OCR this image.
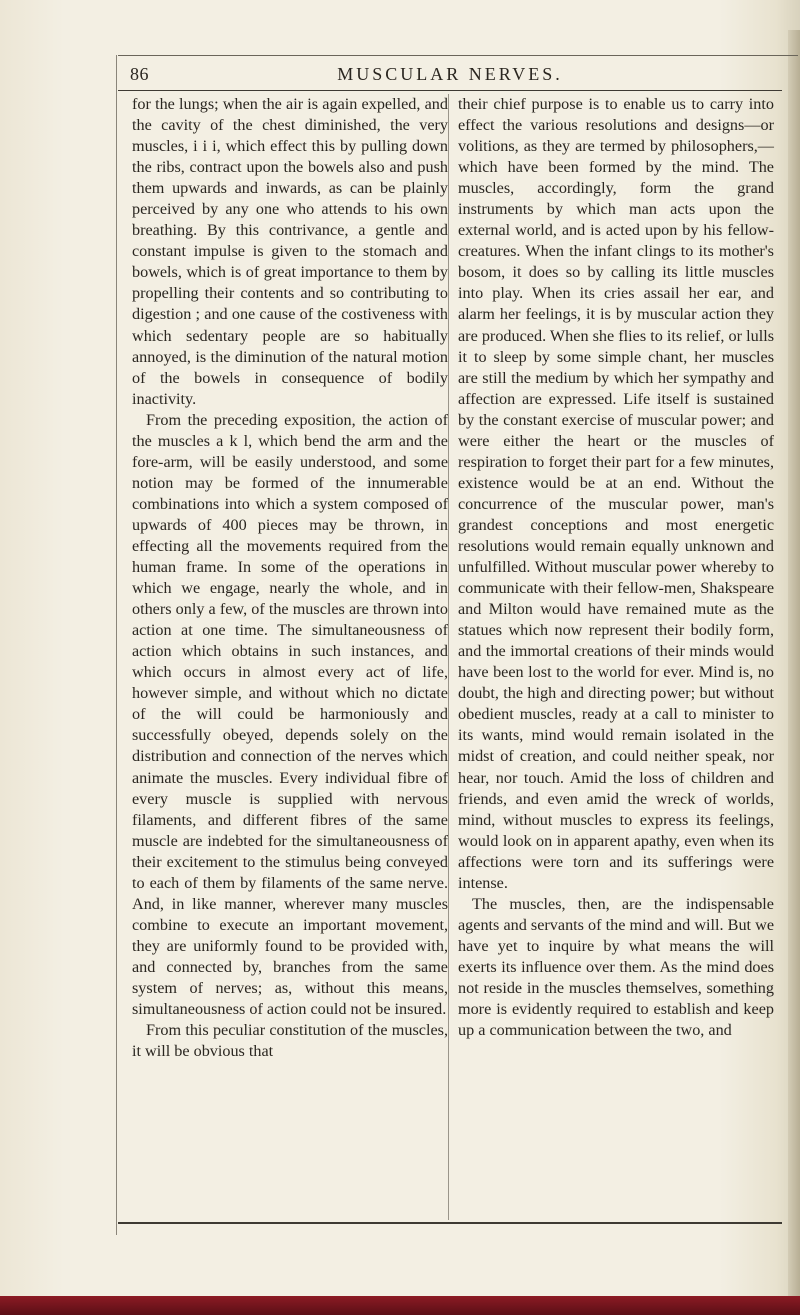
86	MUSCULAR NERVES.

for the lungs; when the air is again expelled, and the cavity of the chest diminished, the very muscles, i i i, which effect this by pulling down the ribs, contract upon the bowels also and push them upwards and inwards, as can be plainly perceived by any one who attends to his own breathing. By this contrivance, a gentle and constant impulse is given to the stomach and bowels, which is of great importance to them by propelling their contents and so contributing to digestion ; and one cause of the costiveness with which sedentary people are so habitually annoyed, is the diminution of the natural motion of the bowels in consequence of bodily inactivity.

From the preceding exposition, the action of the muscles a k l, which bend the arm and the fore-arm, will be easily understood, and some notion may be formed of the innumerable combinations into which a system composed of upwards of 400 pieces may be thrown, in effecting all the movements required from the human frame. In some of the operations in which we engage, nearly the whole, and in others only a few, of the muscles are thrown into action at one time. The simultaneousness of action which obtains in such instances, and which occurs in almost every act of life, however simple, and without which no dictate of the will could be harmoniously and successfully obeyed, depends solely on the distribution and connection of the nerves which animate the muscles. Every individual fibre of every muscle is supplied with nervous filaments, and different fibres of the same muscle are indebted for the simultaneousness of their excitement to the stimulus being conveyed to each of them by filaments of the same nerve. And, in like manner, wherever many muscles combine to execute an important movement, they are uniformly found to be provided with, and connected by, branches from the same system of nerves; as, without this means, simultaneousness of action could not be insured.

From this peculiar constitution of the muscles, it will be obvious that

their chief purpose is to enable us to carry into effect the various resolutions and designs—or volitions, as they are termed by philosophers,—which have been formed by the mind. The muscles, accordingly, form the grand instruments by which man acts upon the external world, and is acted upon by his fellow-creatures. When the infant clings to its mother's bosom, it does so by calling its little muscles into play. When its cries assail her ear, and alarm her feelings, it is by muscular action they are produced. When she flies to its relief, or lulls it to sleep by some simple chant, her muscles are still the medium by which her sympathy and affection are expressed. Life itself is sustained by the constant exercise of muscular power; and were either the heart or the muscles of respiration to forget their part for a few minutes, existence would be at an end. Without the concurrence of the muscular power, man's grandest conceptions and most energetic resolutions would remain equally unknown and unfulfilled. Without muscular power whereby to communicate with their fellow-men, Shakspeare and Milton would have remained mute as the statues which now represent their bodily form, and the immortal creations of their minds would have been lost to the world for ever. Mind is, no doubt, the high and directing power; but without obedient muscles, ready at a call to minister to its wants, mind would remain isolated in the midst of creation, and could neither speak, nor hear, nor touch. Amid the loss of children and friends, and even amid the wreck of worlds, mind, without muscles to express its feelings, would look on in apparent apathy, even when its affections were torn and its sufferings were intense.

The muscles, then, are the indispensable agents and servants of the mind and will. But we have yet to inquire by what means the will exerts its influence over them. As the mind does not reside in the muscles themselves, something more is evidently required to establish and keep up a communication between the two, and
